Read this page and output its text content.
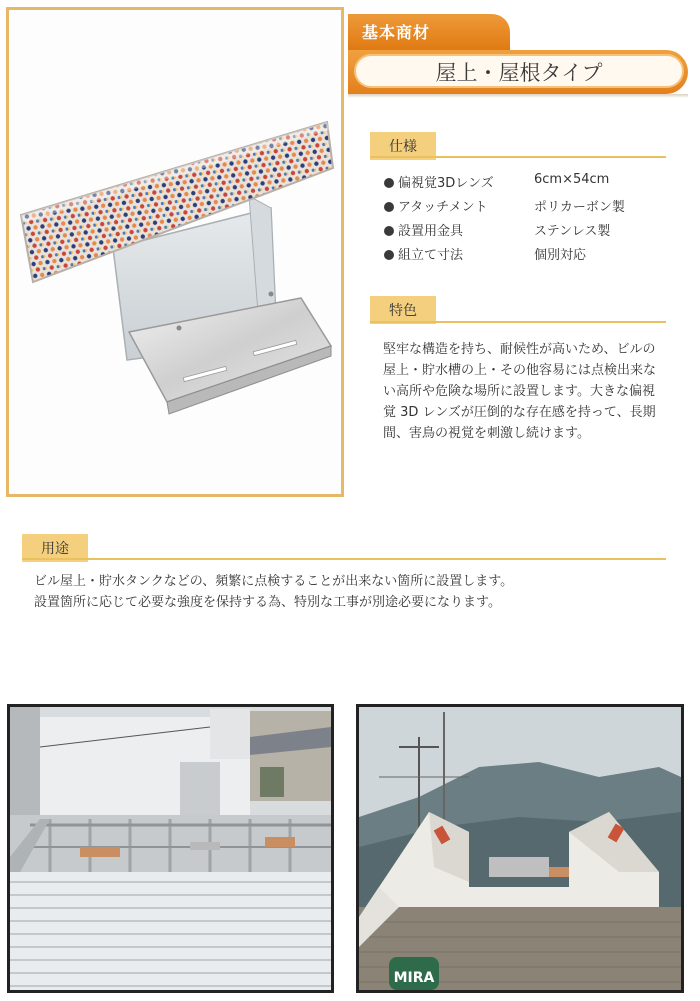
基本商材
屋上・屋根タイプ
仕様
偏視覚3Dレンズ	6cm×54cm
アタッチメント	ポリカーボン製
設置用金具	ステンレス製
組立て寸法	個別対応
特色
堅牢な構造を持ち、耐候性が高いため、ビルの屋上・貯水槽の上・その他容易には点検出来ない高所や危険な場所に設置します。大きな偏視覚 3D レンズが圧倒的な存在感を持って、長期間、害鳥の視覚を刺激し続けます。
用途
ビル屋上・貯水タンクなどの、頻繁に点検することが出来ない箇所に設置します。
設置箇所に応じて必要な強度を保持する為、特別な工事が別途必要になります。
MIRA
